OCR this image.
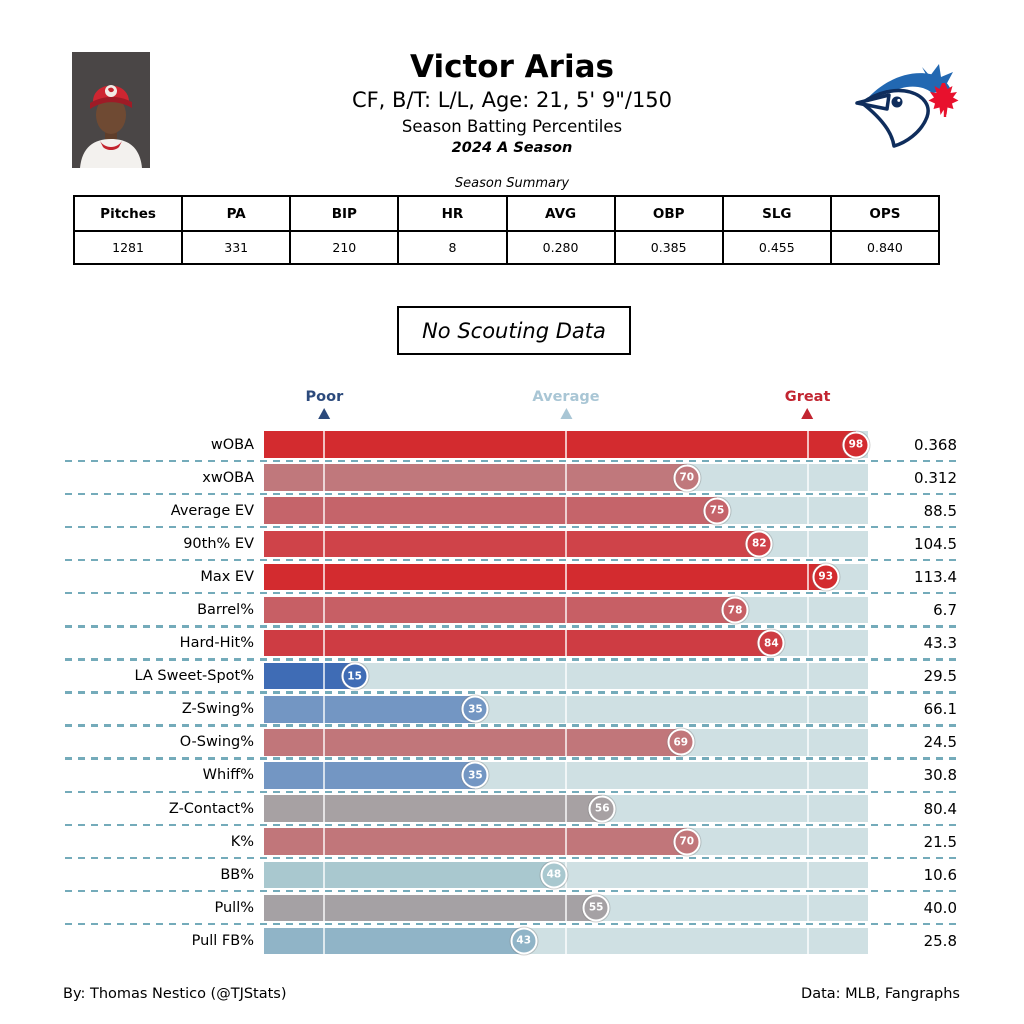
Victor Arias
CF, B/T: L/L, Age: 21, 5' 9"/150
Season Batting Percentiles
2024 A Season
Season Summary
Pitches	PA	BIP	HR	AVG	OBP	SLG	OPS
1281	331	210	8	0.280	0.385	0.455	0.840
No Scouting Data
Poor	Average	Great
wOBA	98	0.368
xwOBA	70	0.312
Average EV	75	88.5
90th% EV	82	104.5
Max EV	93	113.4
Barrel%	78	6.7
Hard-Hit%	84	43.3
LA Sweet-Spot%	15	29.5
Z-Swing%	35	66.1
O-Swing%	69	24.5
Whiff%	35	30.8
Z-Contact%	56	80.4
K%	70	21.5
BB%	48	10.6
Pull%	55	40.0
Pull FB%	43	25.8
By: Thomas Nestico (@TJStats)	Data: MLB, Fangraphs
